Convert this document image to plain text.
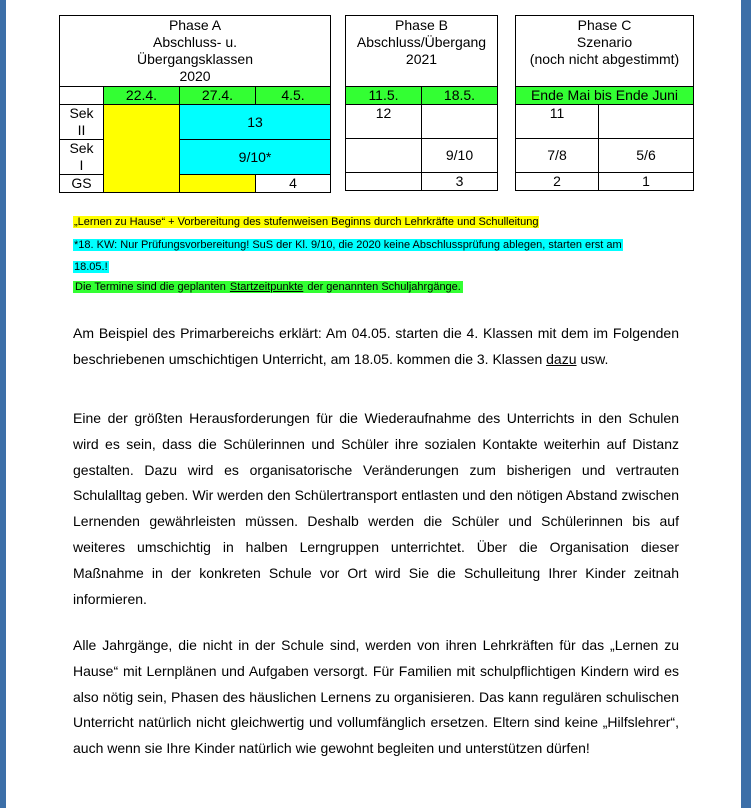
Phase A
Abschluss- u.
Übergangsklassen
2020			

	22.4.	27.4.	4.5.
Sek
II		13	
Sek
I		9/10*	
GS			4
Phase B
Abschluss/Übergang
2021	

11.5.	18.5.
12	
	9/10
	3
Phase C
Szenario
(noch nicht abgestimmt)	

Ende Mai bis Ende Juni	
11	
7/8	5/6
2	1
„Lernen zu Hause“ + Vorbereitung des stufenweisen Beginns durch Lehrkräfte und Schulleitung
*18. KW: Nur Prüfungsvorbereitung! SuS der Kl. 9/10, die 2020 keine Abschlussprüfung ablegen, starten erst am
18.05.!
Die Termine sind die geplanten Startzeitpunkte der genannten Schuljahrgänge.

Am Beispiel des Primarbereichs erklärt: Am 04.05. starten die 4. Klassen mit dem im Folgenden beschriebenen umschichtigen Unterricht, am 18.05. kommen die 3. Klassen dazu usw.

Eine der größten Herausforderungen für die Wiederaufnahme des Unterrichts in den Schulen wird es sein, dass die Schülerinnen und Schüler ihre sozialen Kontakte weiterhin auf Distanz gestalten. Dazu wird es organisatorische Veränderungen zum bisherigen und vertrauten Schulalltag geben. Wir werden den Schülertransport entlasten und den nötigen Abstand zwischen Lernenden gewährleisten müssen. Deshalb werden die Schüler und Schülerinnen bis auf weiteres umschichtig in halben Lerngruppen unterrichtet. Über die Organisation dieser Maßnahme in der konkreten Schule vor Ort wird Sie die Schulleitung Ihrer Kinder zeitnah informieren.

Alle Jahrgänge, die nicht in der Schule sind, werden von ihren Lehrkräften für das „Lernen zu Hause“ mit Lernplänen und Aufgaben versorgt. Für Familien mit schulpflichtigen Kindern wird es also nötig sein, Phasen des häuslichen Lernens zu organisieren. Das kann regulären schulischen Unterricht natürlich nicht gleichwertig und vollumfänglich ersetzen. Eltern sind keine „Hilfslehrer“, auch wenn sie Ihre Kinder natürlich wie gewohnt begleiten und unterstützen dürfen!
